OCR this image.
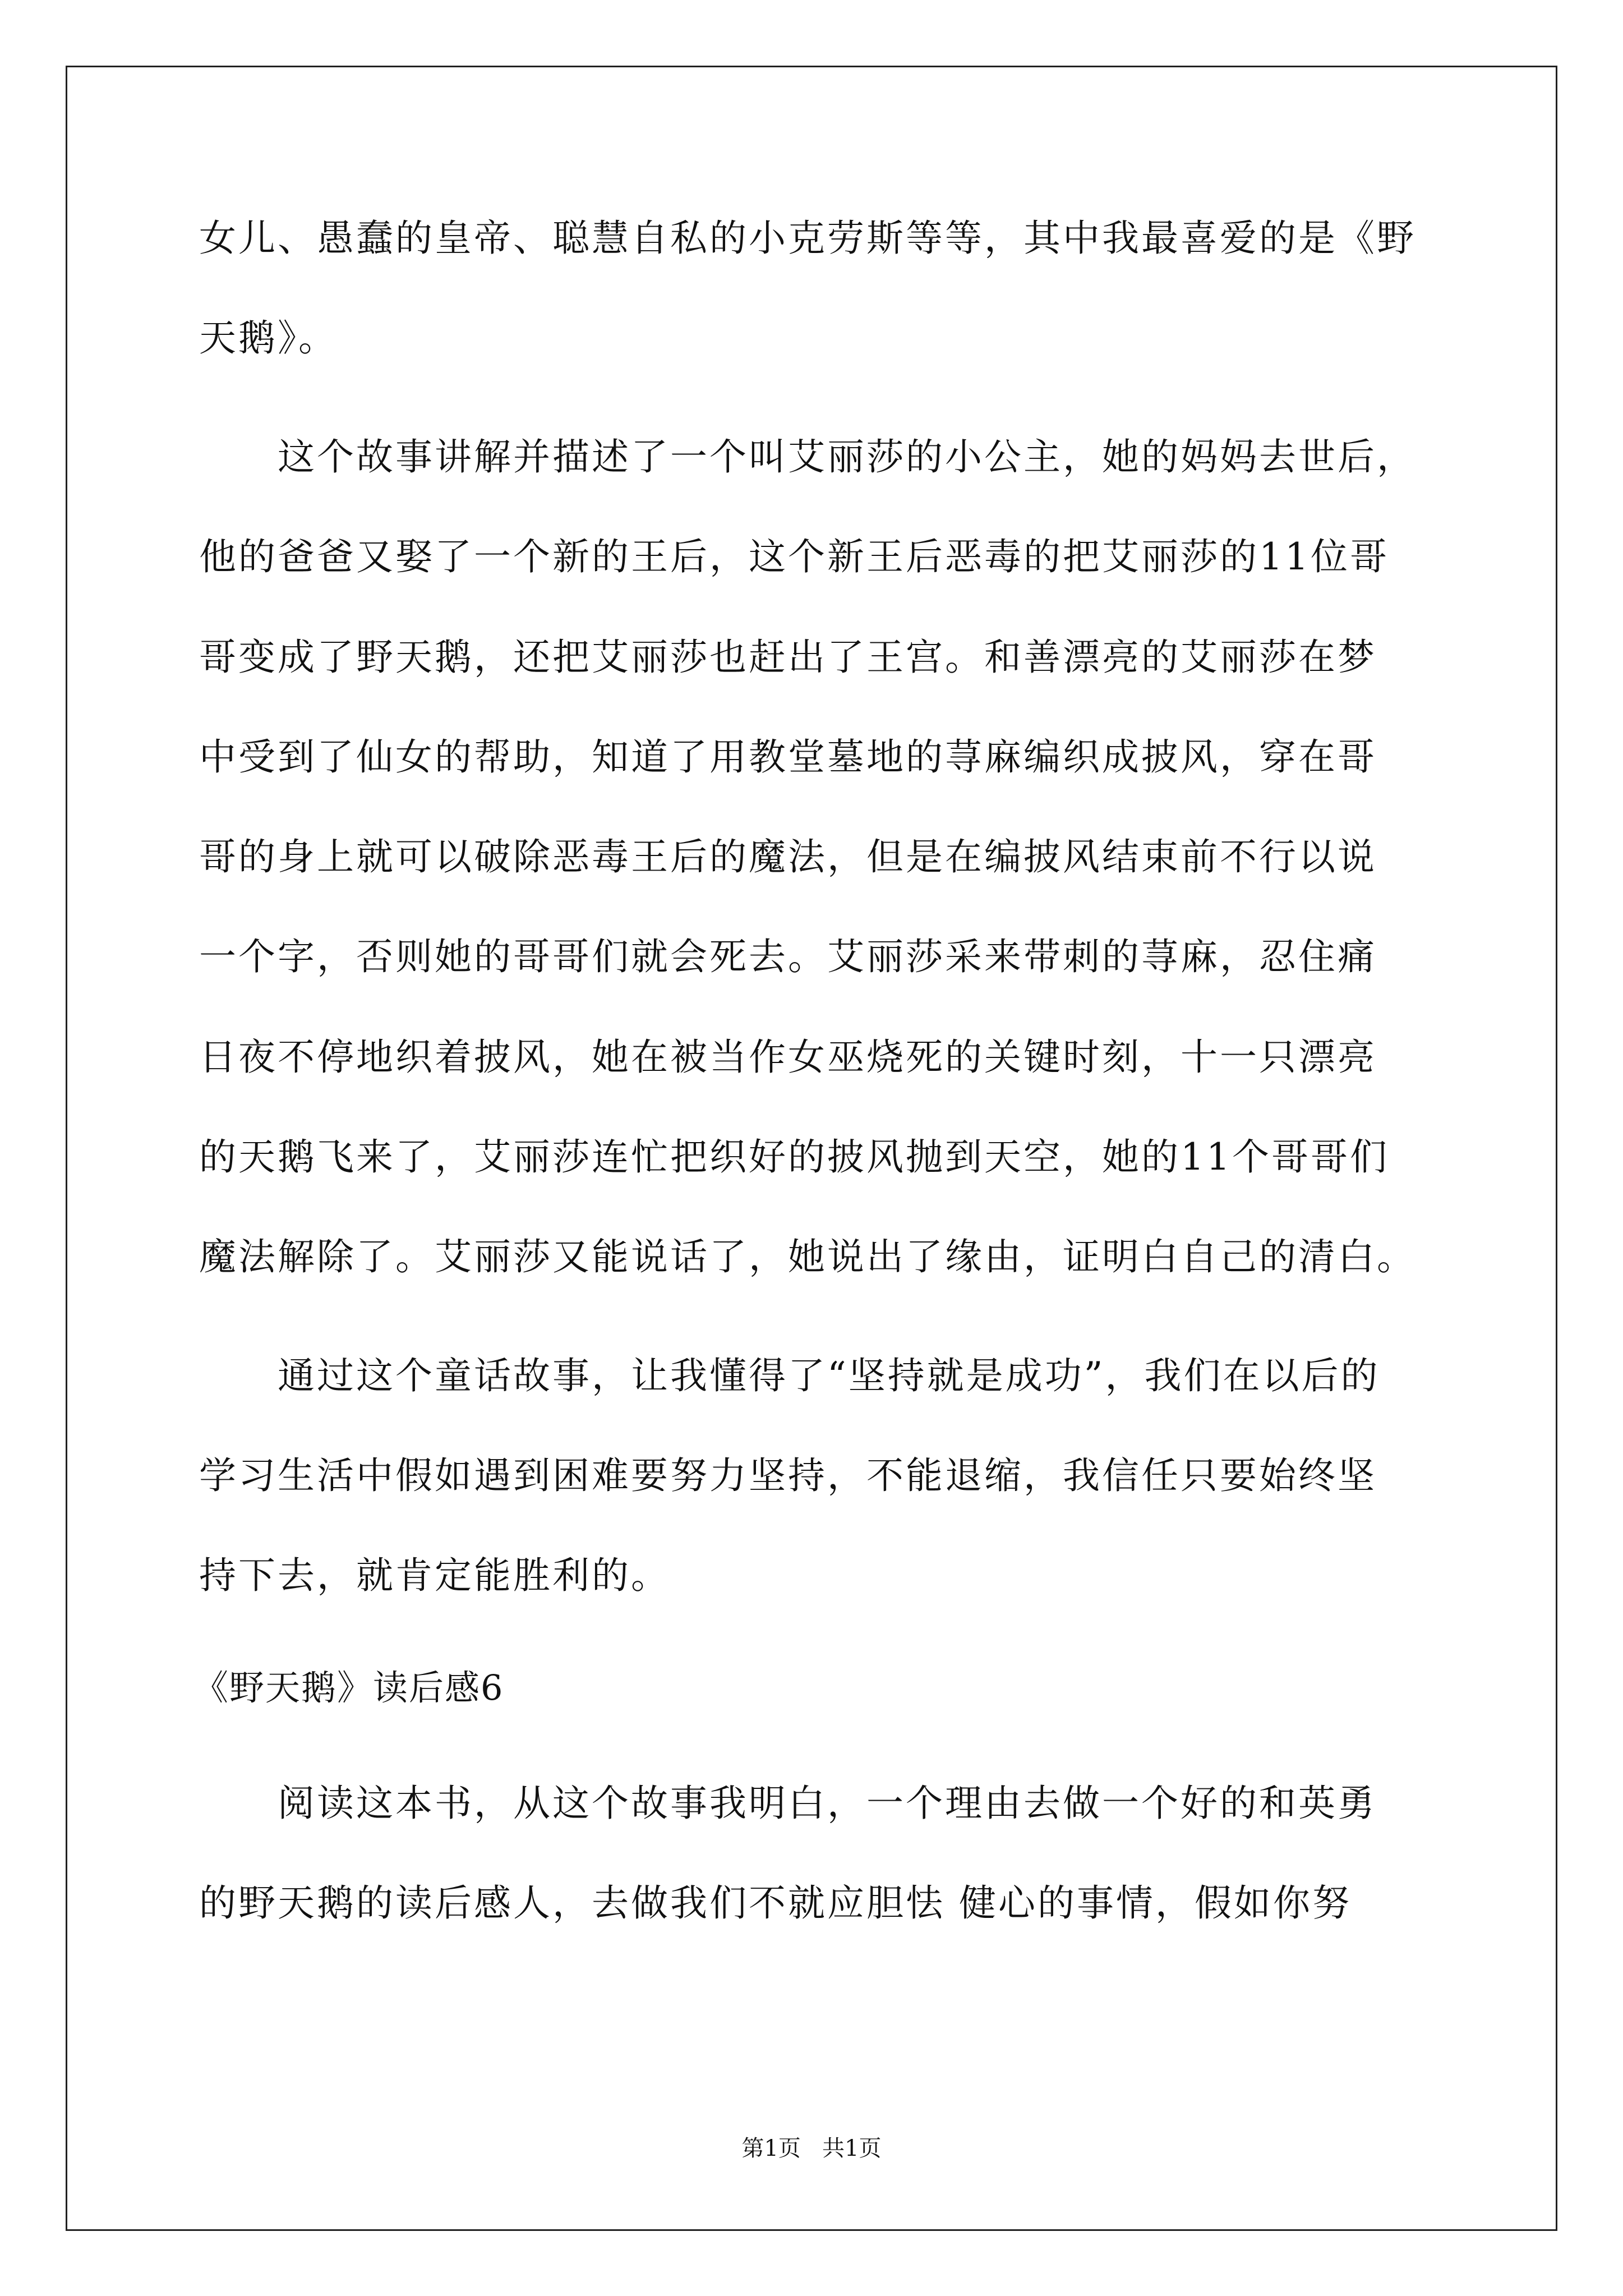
女儿、愚蠢的皇帝、聪慧自私的小克劳斯等等，其中我最喜爱的是《野

天鹅》。

　　这个故事讲解并描述了一个叫艾丽莎的小公主，她的妈妈去世后，

他的爸爸又娶了一个新的王后，这个新王后恶毒的把艾丽莎的11位哥

哥变成了野天鹅，还把艾丽莎也赶出了王宫。和善漂亮的艾丽莎在梦

中受到了仙女的帮助，知道了用教堂墓地的荨麻编织成披风，穿在哥

哥的身上就可以破除恶毒王后的魔法，但是在编披风结束前不行以说

一个字，否则她的哥哥们就会死去。艾丽莎采来带刺的荨麻，忍住痛

日夜不停地织着披风，她在被当作女巫烧死的关键时刻，十一只漂亮

的天鹅飞来了，艾丽莎连忙把织好的披风抛到天空，她的11个哥哥们

魔法解除了。艾丽莎又能说话了，她说出了缘由，证明白自己的清白。

　　通过这个童话故事，让我懂得了“坚持就是成功”，我们在以后的

学习生活中假如遇到困难要努力坚持，不能退缩，我信任只要始终坚

持下去，就肯定能胜利的。

《野天鹅》读后感6

　　阅读这本书，从这个故事我明白，一个理由去做一个好的和英勇

的野天鹅的读后感人，去做我们不就应胆怯 健心的事情，假如你努

第1页   共1页
